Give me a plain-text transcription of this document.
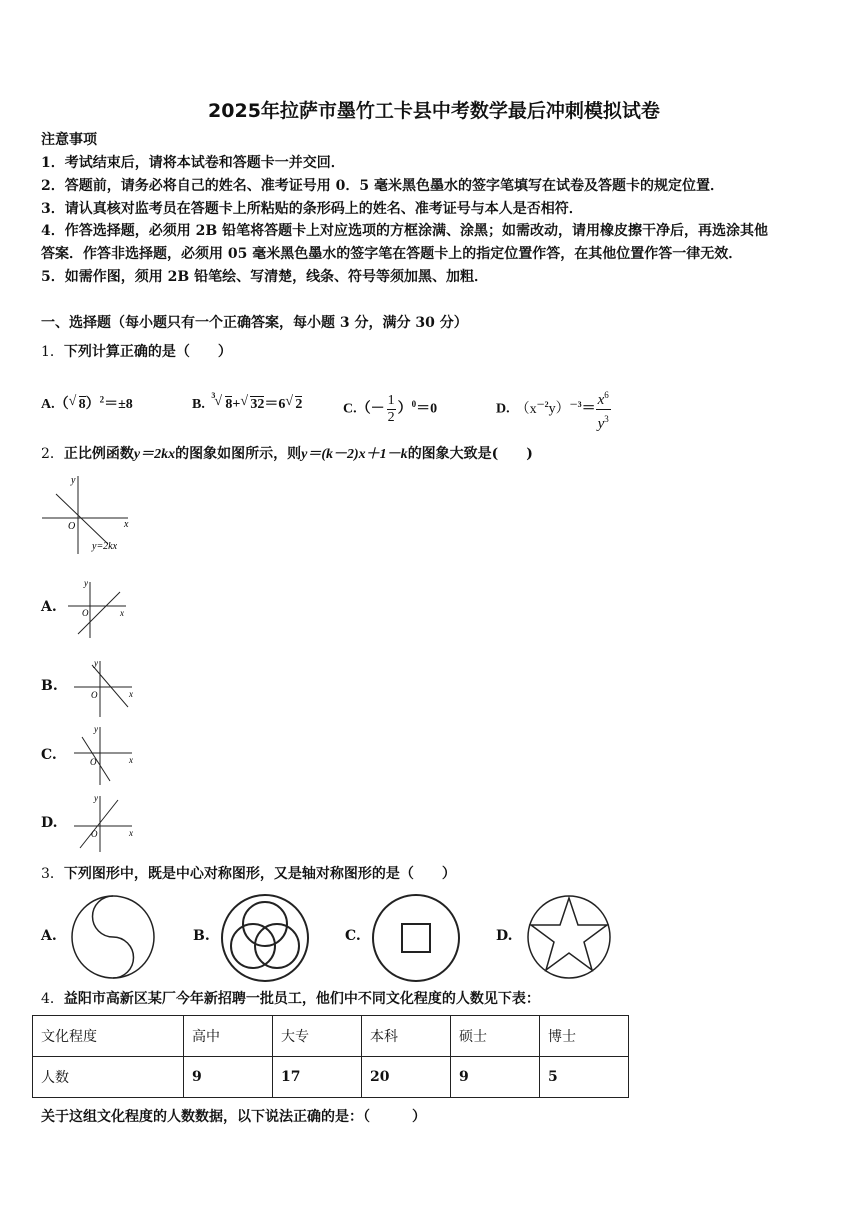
2025年拉萨市墨竹工卡县中考数学最后冲刺模拟试卷
注意事项
1．考试结束后，请将本试卷和答题卡一并交回．
2．答题前，请务必将自己的姓名、准考证号用 0．5 毫米黑色墨水的签字笔填写在试卷及答题卡的规定位置．
3．请认真核对监考员在答题卡上所粘贴的条形码上的姓名、准考证号与本人是否相符．
4．作答选择题，必须用 2B 铅笔将答题卡上对应选项的方框涂满、涂黑；如需改动，请用橡皮擦干净后，再选涂其他
答案．作答非选择题，必须用 05 毫米黑色墨水的签字笔在答题卡上的指定位置作答，在其他位置作答一律无效．
5．如需作图，须用 2B 铅笔绘、写清楚，线条、符号等须加黑、加粗．
一、选择题（每小题只有一个正确答案，每小题 3 分，满分 30 分）
1．下列计算正确的是（　　）
A.（ √ 8）$^2$＝±8	B.
3 √ 8+ √ 32＝6 √ 2	$C.(- \frac{1}{2} )^0=0$	D. $(x^{-2}y)^{-3}= \frac{x^6}{y^3}$
2．正比例函数y＝2kx的图象如图所示，则y＝(k－2)x＋1－k的图象大致是(　　)
x
y
O
y=2kx
A.	x
y
O
B.	x
y
O
C.	x
y
O
D.
x
y
O
3．下列图形中，既是中心对称图形，又是轴对称图形的是（　　）
A.	B.	C.	D.
4．益阳市高新区某厂今年新招聘一批员工，他们中不同文化程度的人数见下表：
文化程度	高中	大专	本科	硕士	博士
人数	9	17	20	9	5
关于这组文化程度的人数数据，以下说法正确的是：（　　　）
